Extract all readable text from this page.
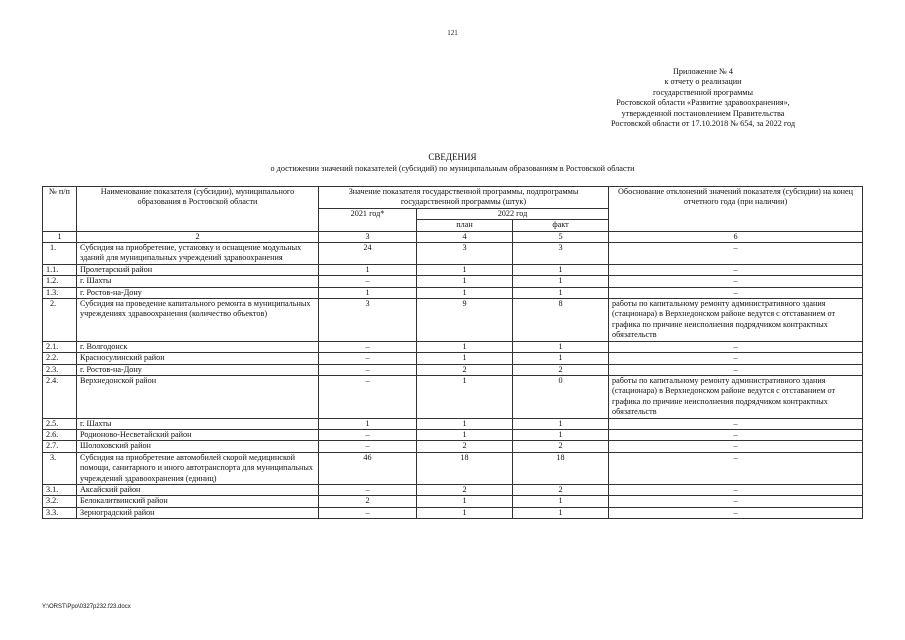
121
Приложение № 4
к отчету о реализации
государственной программы
Ростовской области «Развитие здравоохранения»,
утвержденной постановлением Правительства
Ростовской области от 17.10.2018 № 654, за 2022 год
СВЕДЕНИЯ
о достижении значений показателей (субсидий) по муниципальным образованиям в Ростовской области
№ п/п	Наименование показателя (субсидии), муниципального образования в Ростовской области	Значение показателя государственной программы, подпрограммы государственной программы (штук)			Обоснование отклонений значений показателя (субсидии) на конец отчетного года (при наличии)
		2021 год*	2022 год		
			план	факт	
1	2	3	4	5	6
1.	Субсидия на приобретение, установку и оснащение модульных зданий для муниципальных учреждений здравоохранения	24	3	3	–
1.1.	Пролетарский район	1	1	1	–
1.2.	г. Шахты	–	1	1	–
1.3.	г. Ростов-на-Дону	1	1	1	–
2.	Субсидия на проведение капитального ремонта в муниципальных учреждениях здравоохранения (количество объектов)	3	9	8	работы по капитальному ремонту административного здания (стационара) в Верхнедонском районе ведутся с отставанием от графика по причине неисполнения подрядчиком контрактных обязательств
2.1.	г. Волгодонск	–	1	1	–
2.2.	Красносулинский район	–	1	1	–
2.3.	г. Ростов-на-Дону	–	2	2	–
2.4.	Верхнедонской район	–	1	0	работы по капитальному ремонту административного здания (стационара) в Верхнедонском районе ведутся с отставанием от графика по причине неисполнения подрядчиком контрактных обязательств
2.5.	г. Шахты	1	1	1	–
2.6.	Родионово-Несветайский район	–	1	1	–
2.7.	Шолоховский район	–	2	2	–
3.	Субсидия на приобретение автомобилей скорой медицинской помощи, санитарного и иного автотранспорта для муниципальных учреждений здравоохранения (единиц)	46	18	18	–
3.1.	Аксайский район	–	2	2	–
3.2.	Белокалитвинский район	2	1	1	–
3.3.	Зерноградский район	–	1	1	–
Y:\ORST\Ppo\0327p232.f23.docx
